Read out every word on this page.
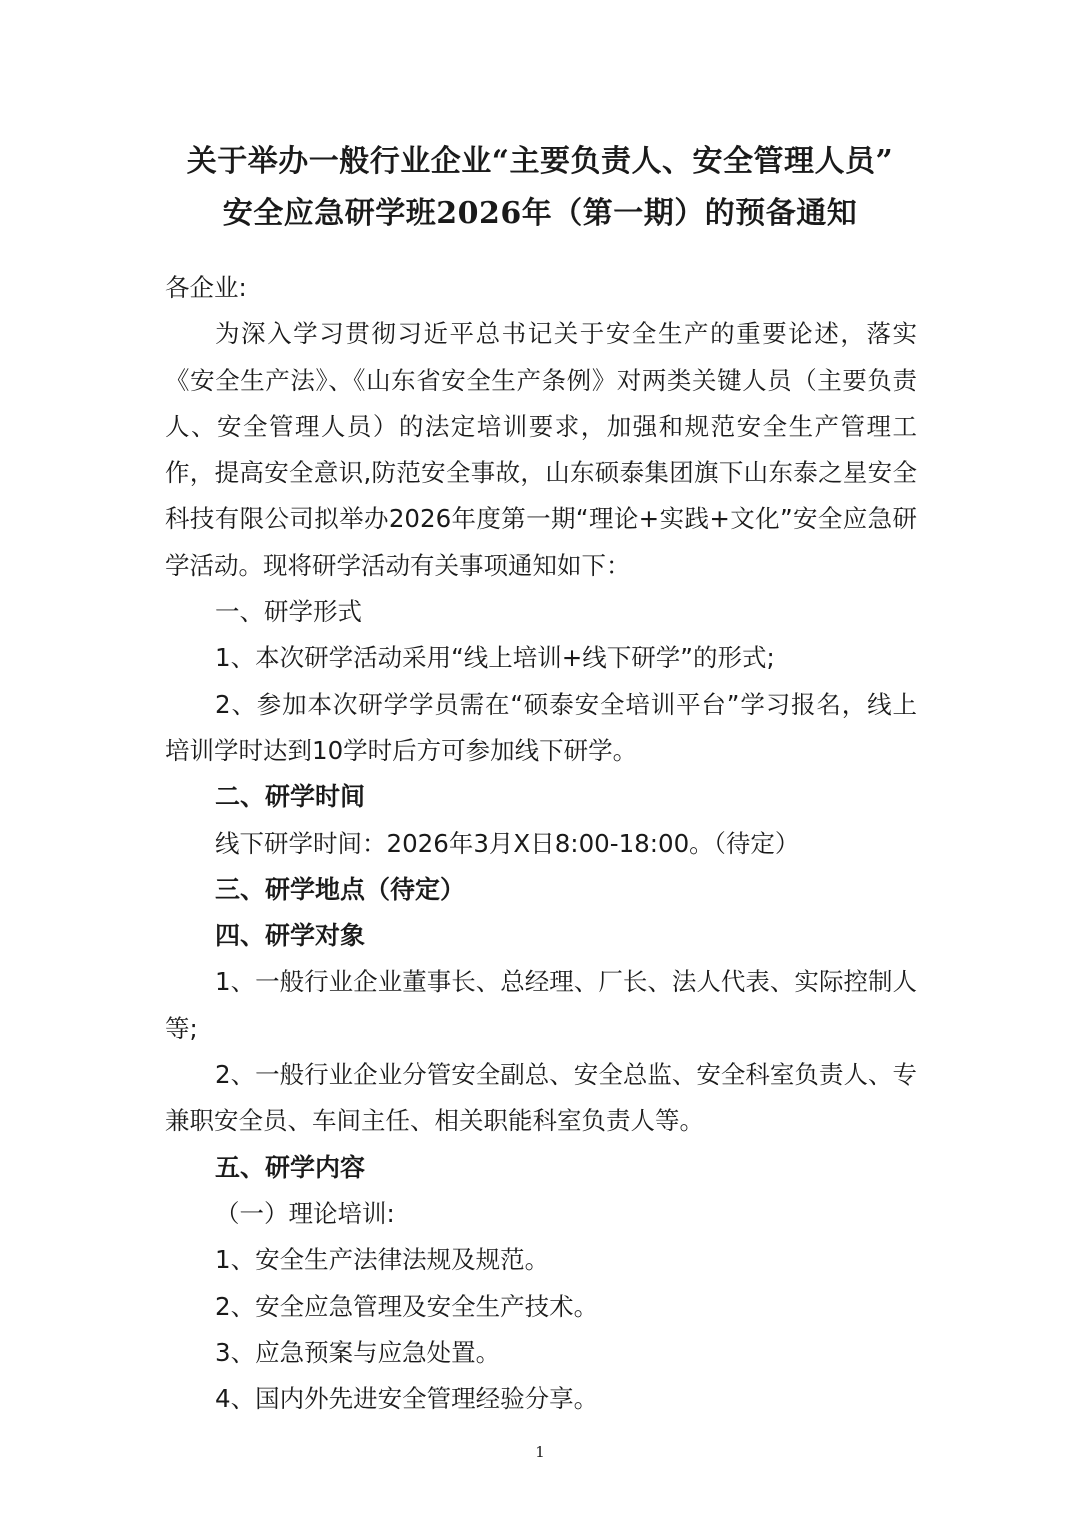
关于举办一般行业企业“主要负责人、安全管理人员”
安全应急研学班2026年（第一期）的预备通知

各企业:

为深入学习贯彻习近平总书记关于安全生产的重要论述，落实《安全生产法》、《山东省安全生产条例》对两类关键人员（主要负责人、安全管理人员）的法定培训要求，加强和规范安全生产管理工作，提高安全意识,防范安全事故，山东硕泰集团旗下山东泰之星安全科技有限公司拟举办2026年度第一期“理论+实践+文化”安全应急研学活动。现将研学活动有关事项通知如下：

一、研学形式

1、本次研学活动采用“线上培训+线下研学”的形式;

2、参加本次研学学员需在“硕泰安全培训平台”学习报名，线上培训学时达到10学时后方可参加线下研学。

二、研学时间

线下研学时间：2026年3月X日8:00-18:00。（待定）

三、研学地点（待定）

四、研学对象

1、一般行业企业董事长、总经理、厂长、法人代表、实际控制人等;

2、一般行业企业分管安全副总、安全总监、安全科室负责人、专兼职安全员、车间主任、相关职能科室负责人等。

五、研学内容

（一）理论培训:

1、安全生产法律法规及规范。

2、安全应急管理及安全生产技术。

3、应急预案与应急处置。

4、国内外先进安全管理经验分享。

1
